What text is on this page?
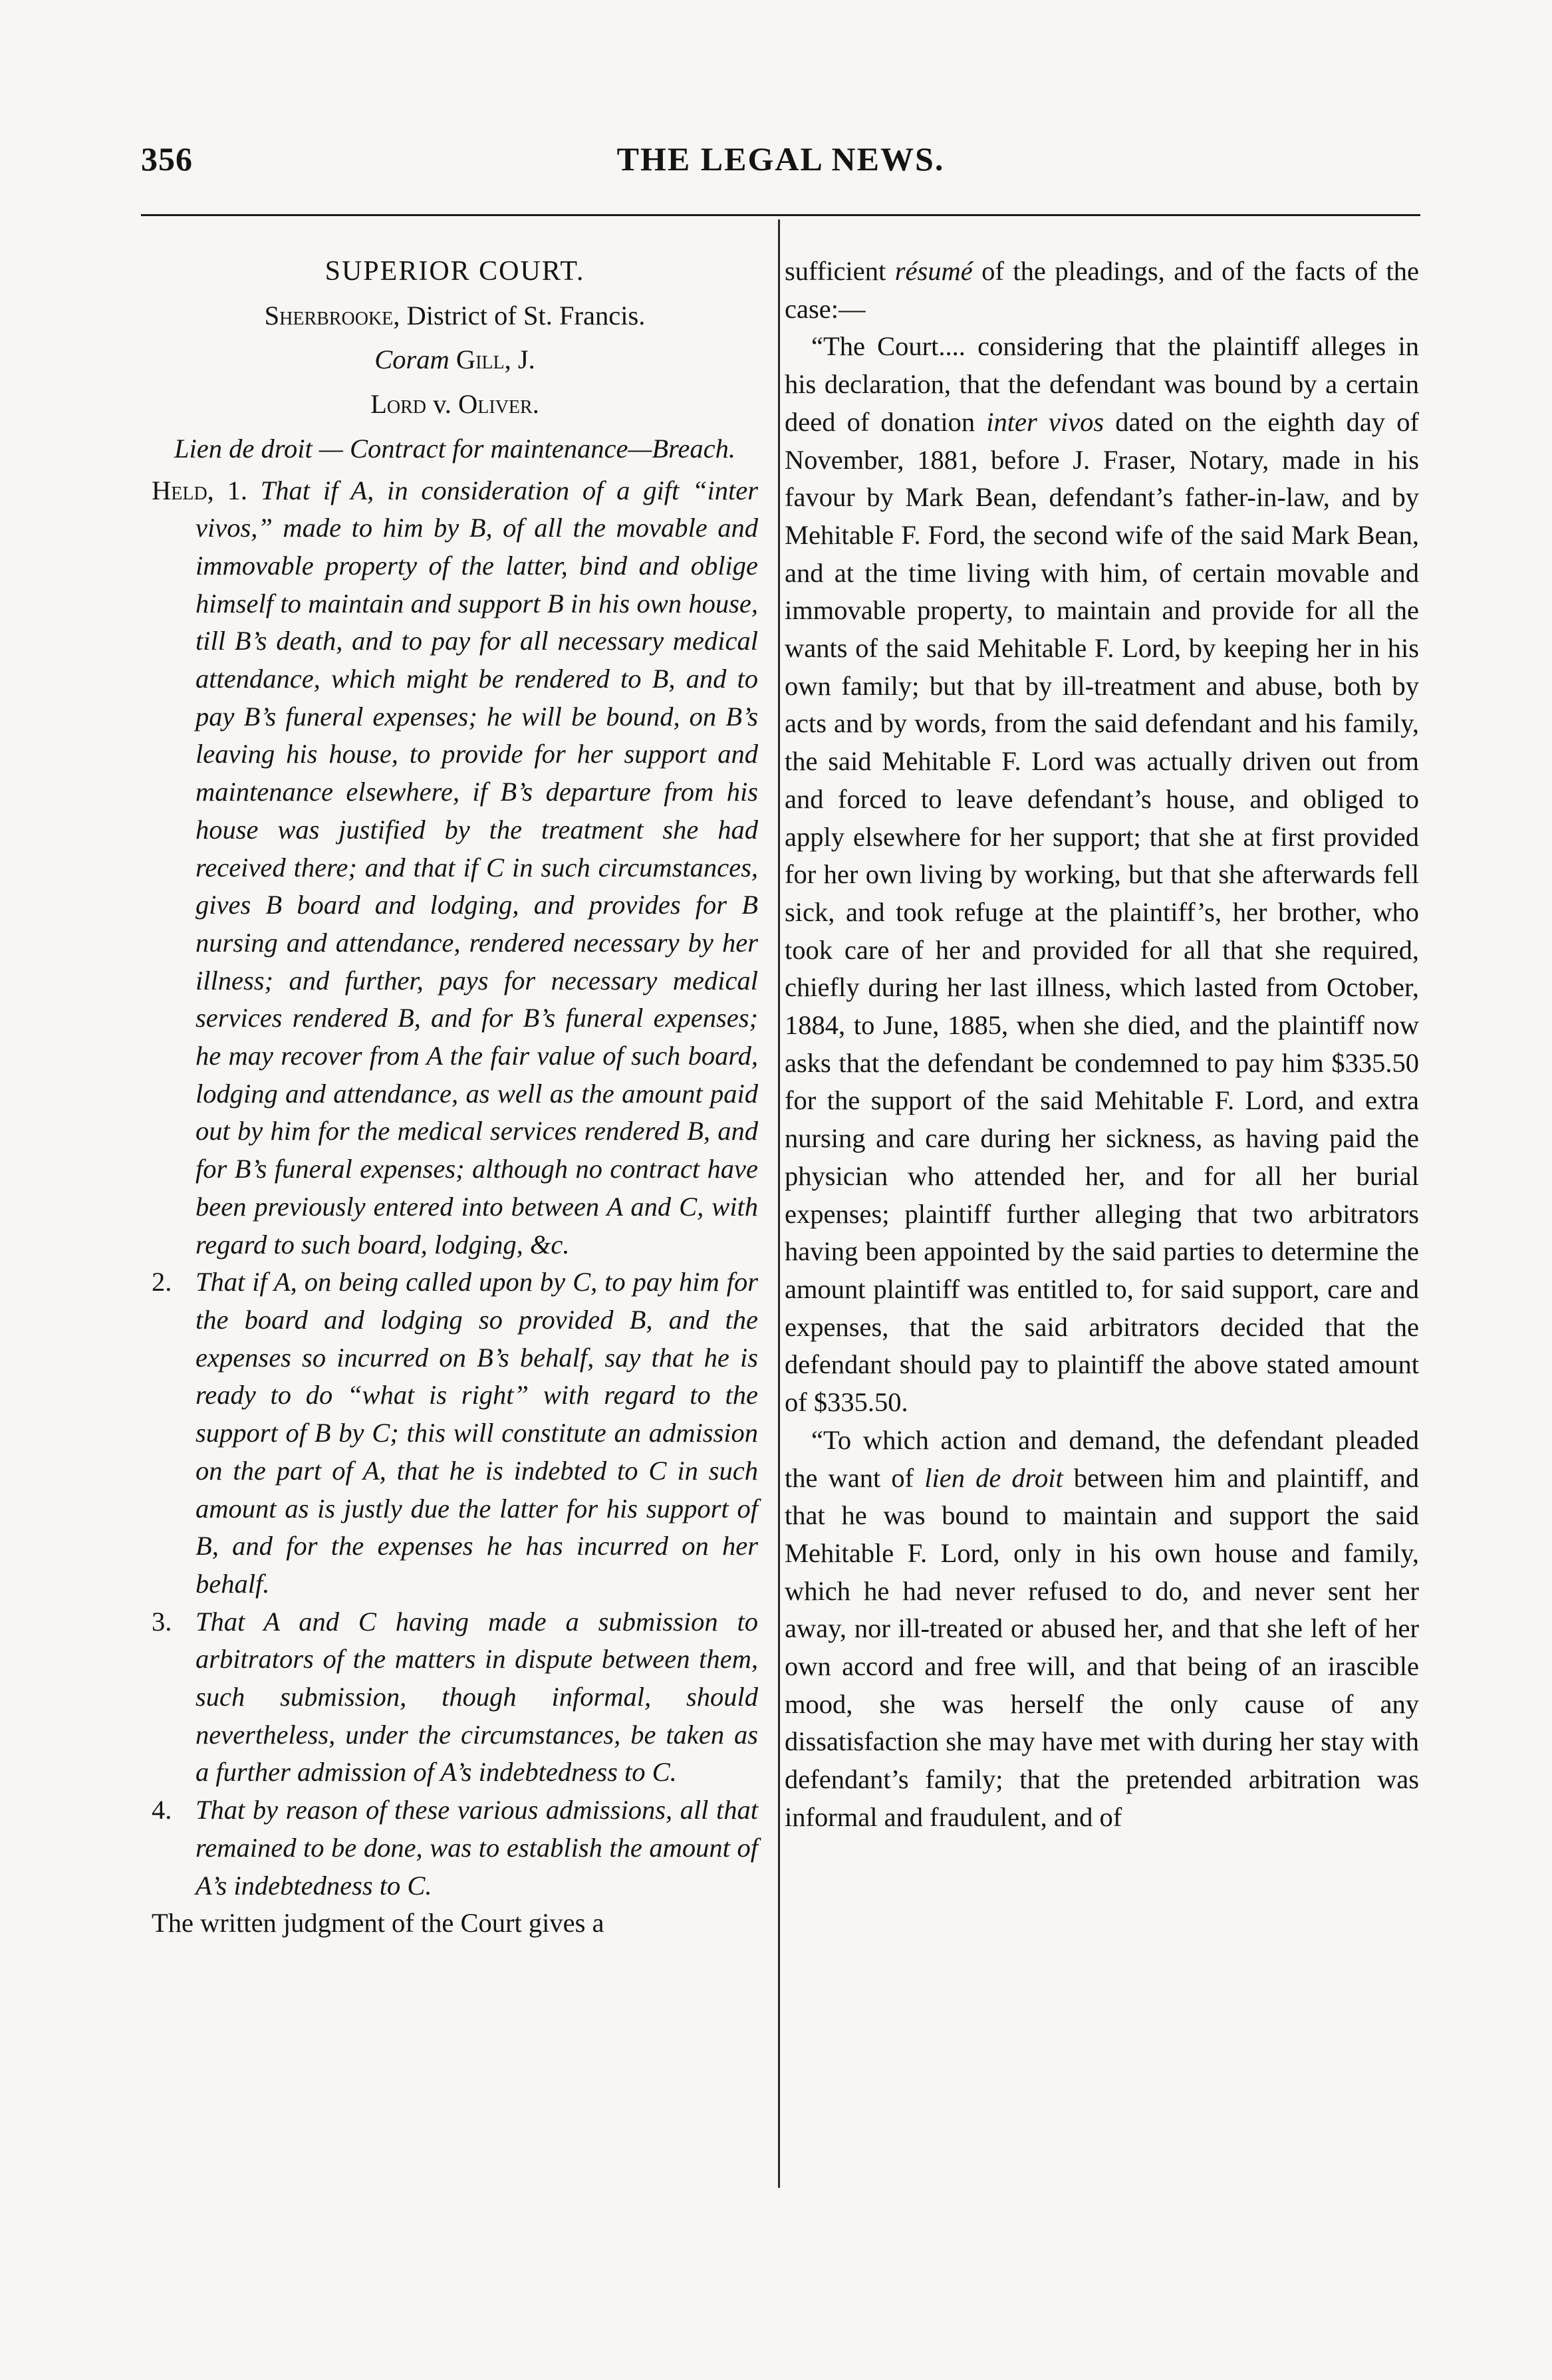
356	THE LEGAL NEWS.
SUPERIOR COURT.
Sherbrooke, District of St. Francis.
Coram Gill, J.
Lord v. Oliver.
Lien de droit — Contract for maintenance—Breach.

Held, 1. That if A, in consideration of a gift “inter vivos,” made to him by B, of all the movable and immovable property of the latter, bind and oblige himself to maintain and support B in his own house, till B’s death, and to pay for all necessary medical attendance, which might be rendered to B, and to pay B’s funeral expenses; he will be bound, on B’s leaving his house, to provide for her support and maintenance elsewhere, if B’s departure from his house was justified by the treatment she had received there; and that if C in such circumstances, gives B board and lodging, and provides for B nursing and attendance, rendered necessary by her illness; and further, pays for necessary medical services rendered B, and for B’s funeral expenses; he may recover from A the fair value of such board, lodging and attendance, as well as the amount paid out by him for the medical services rendered B, and for B’s funeral expenses; although no contract have been previously entered into between A and C, with regard to such board, lodging, &c.

2. That if A, on being called upon by C, to pay him for the board and lodging so provided B, and the expenses so incurred on B’s behalf, say that he is ready to do “what is right” with regard to the support of B by C; this will constitute an admission on the part of A, that he is indebted to C in such amount as is justly due the latter for his support of B, and for the expenses he has incurred on her behalf.

3. That A and C having made a submission to arbitrators of the matters in dispute between them, such submission, though informal, should nevertheless, under the circumstances, be taken as a further admission of A’s indebtedness to C.

4. That by reason of these various admissions, all that remained to be done, was to establish the amount of A’s indebtedness to C.

The written judgment of the Court gives a

sufficient résumé of the pleadings, and of the facts of the case:—

“The Court.... considering that the plaintiff alleges in his declaration, that the defendant was bound by a certain deed of donation inter vivos dated on the eighth day of November, 1881, before J. Fraser, Notary, made in his favour by Mark Bean, defendant’s father-in-law, and by Mehitable F. Ford, the second wife of the said Mark Bean, and at the time living with him, of certain movable and immovable property, to maintain and provide for all the wants of the said Mehitable F. Lord, by keeping her in his own family; but that by ill-treatment and abuse, both by acts and by words, from the said defendant and his family, the said Mehitable F. Lord was actually driven out from and forced to leave defendant’s house, and obliged to apply elsewhere for her support; that she at first provided for her own living by working, but that she afterwards fell sick, and took refuge at the plaintiff’s, her brother, who took care of her and provided for all that she required, chiefly during her last illness, which lasted from October, 1884, to June, 1885, when she died, and the plaintiff now asks that the defendant be condemned to pay him $335.50 for the support of the said Mehitable F. Lord, and extra nursing and care during her sickness, as having paid the physician who attended her, and for all her burial expenses; plaintiff further alleging that two arbitrators having been appointed by the said parties to determine the amount plaintiff was entitled to, for said support, care and expenses, that the said arbitrators decided that the defendant should pay to plaintiff the above stated amount of $335.50.

“To which action and demand, the defendant pleaded the want of lien de droit between him and plaintiff, and that he was bound to maintain and support the said Mehitable F. Lord, only in his own house and family, which he had never refused to do, and never sent her away, nor ill-treated or abused her, and that she left of her own accord and free will, and that being of an irascible mood, she was herself the only cause of any dissatisfaction she may have met with during her stay with defendant’s family; that the pretended arbitration was informal and fraudulent, and of
